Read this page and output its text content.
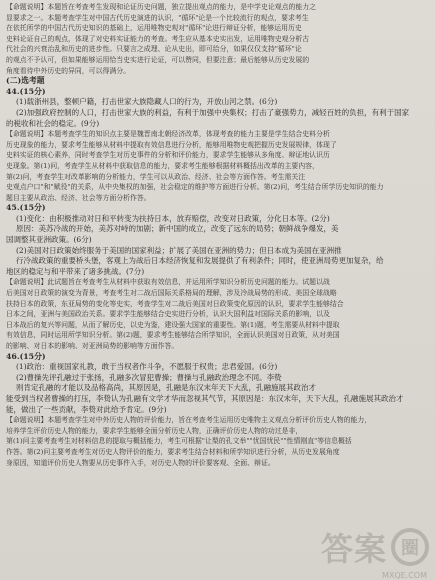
【命题说明】本题旨在考查考生发现和论证历史问题，独立提出观点的能力，是中学史论观点的能力之
显要求之一。本题考查学生对中国古代历史演进的认识，"循环"论是一个比较流行的观点，要求考生
在依托所学的中国古代历史知识的基础上，运用唯物史观对"循环"论进行辩证分析，能够运用历史
史料论证自己的观点，体现了对史料实证能力的考查。考生应从基本史实出发，运用唯物史观分析古
代社会的兴衰治乱和历史的进步性。只要言之成理、论从史出，即可给分，如果仅仅支持"循环"论
的观点不予认可，但如果能够运用恰当史实进行论证，可以赞同，但要注意；最后能够从历史发展的
角度看待中外历史的异同，可以得满分。
(二)选考题
44.(15分)
(1)载浙州县，整顿户籍，打击世家大族隐藏人口的行为，开放山河之禁。(6分)
(2)加强政府控制的人口，打击世家大族的利益，有利于加强中央集权；打击了豪强势力，减轻百姓的负担，有利于国家
的税收和社会的稳定。(9分)
【命题说明】本题考查学生的知识点主要是魏晋南北朝经济改革，体现考查的能力主要是学生结合史料分析
历史现象的能力，要求考生能够从材料中提取有效信息进行分析，能够用唯物史观把握历史发展规律，体现了
史料实证的核心素养，同时考查学生对历史事件的分析和评价能力，要求学生能够从多角度、辩证地认识历
史现象。第(1)问，考查学生从材料中获取信息的能力，要求考生能够根据材料概括出改革的主要内容，
第(2)问，考查学生对改革影响的分析能力，学生可以从政治、经济、社会等方面作答。考生需关注
史观点户口"和"赋役"的关系，从中央集权的加强，社会稳定的维护等方面进行分析。第(2)问，考生结合所学历史知识的能力
题目主要从政治、经济、社会等方面分析作答。
45.(15分)
(1)变化：由积极推动对日和平转变为扶持日本，放弃赔偿，改变对日政策，分化日本等。(2分)
原因：美苏冷战的开始，美苏对峙的加剧；新中国的成立，改变了远东的局势；朝鲜战争爆发，美
国调整其亚洲政策。(6分)
(2)美国对日政策始终服务于美国的国家利益；扩展了美国在亚洲的势力；但日本成为美国在亚洲推
行冷战政策的重要桥头堡，客观上为战后日本经济恢复和发展提供了有利条件；同时，使亚洲局势更加复杂，给
地区的稳定与和平带来了诸多挑战。(7分)
【命题说明】此试题旨在考查考生从材料中获取有效信息，并运用所学知识分析历史问题的能力。试题以战
后美国对日政策的演变为背景，考查考生对二战后国际关系格局的理解，涉及冷战局势的形成、美国全球战略
扶持日本的政策，东亚局势的变化等史实，考查学生对二战后美国对日政策变化原因的认识，要求学生能够结合
日本之间，亚洲与美国政治关系。要求学生能够结合史实进行分析，认识大国利益对国际关系的影响，以及
日本战后的复兴等问题，从而了解历史，以史为鉴，建设强大国家的重要性。第(1)题，考生需要从材料中提取
有效信息，同时运用所学知识分析。第(2)题，要求考生能够结合所学知识，全面认识美国对日政策，从对美国
的影响、对日本的影响、对亚洲局势的影响等方面作答。
46.(15分)
(1)政治：重视国家礼教，敢于当权者作斗争，不愿服于权贵；忠君爱国。(6分)
(2)曹操先评孔融过于张扬，孔融多次冒犯曹操；曹操与孔融政治理念不同。李贽
则肯定孔融的才能以及品格高尚，其原因是，孔融是东汉末年天下大乱，孔融施展其政治才
能受到当权者曹操的打压，李贽认为孔融有文学才华而忽视其气节，其原因是：东汉末年，天下大乱，孔融施展其政治才
能，做出了一些贡献，李贽对此给予肯定。(9分)
【命题说明】本题考查学生对中外历史人物的评价能力，旨在考查考生运用历史唯物主义观点分析评价历史人物的能力，
培养学生评价历史人物的能力，要求学生能够全面分析历史人物，正确评价历史人物的功过是非，
第(1)问主要考查考生对材料信息的提取与概括能力，考生可根据"让梨的孔文举""忧国忧民""性情刚直"等信息概括
作答。第(2)问主要考查考生对历史人物评价的能力，要求考生结合材料和所学知识进行分析，从历史发展角度
身原因，知道评价历史人物要从历史事件入手，对历史人物的评价要客观、全面、辩证。
答案 圈
MXQE.COM
